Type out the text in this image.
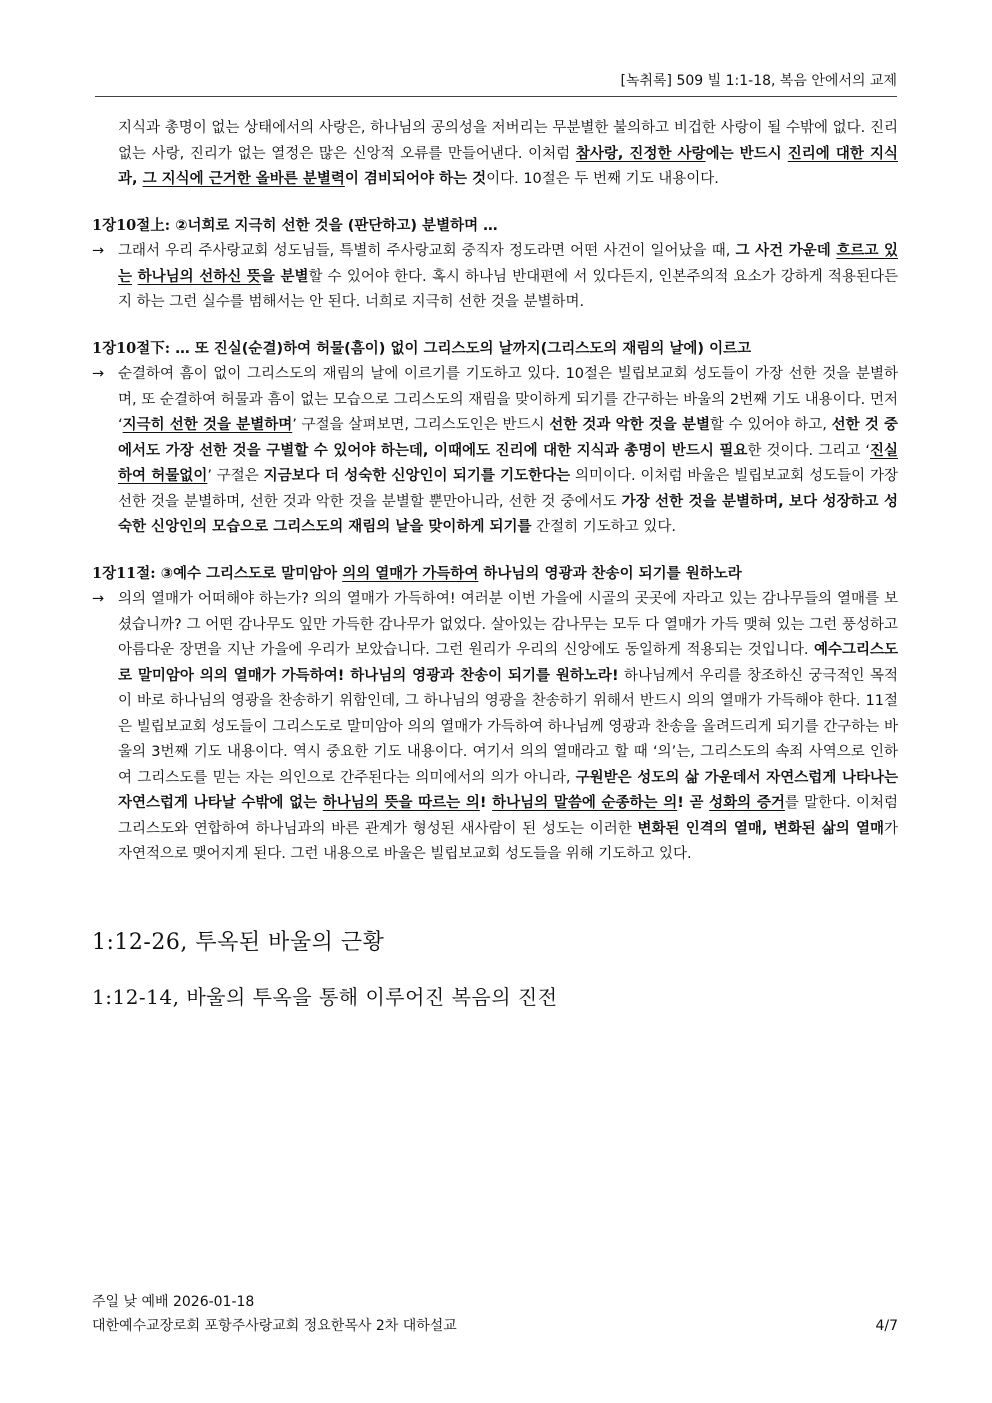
[녹취록] 509 빌 1:1-18, 복음 안에서의 교제
지식과 총명이 없는 상태에서의 사랑은, 하나님의 공의성을 저버리는 무분별한 불의하고 비겁한 사랑이 될 수밖에 없다. 진리 없는 사랑, 진리가 없는 열정은 많은 신앙적 오류를 만들어낸다. 이처럼 참사랑, 진정한 사랑에는 반드시 진리에 대한 지식과, 그 지식에 근거한 올바른 분별력이 겸비되어야 하는 것이다. 10절은 두 번째 기도 내용이다.
1장10절上: ②너희로 지극히 선한 것을 (판단하고) 분별하며 …
→ 그래서 우리 주사랑교회 성도님들, 특별히 주사랑교회 중직자 정도라면 어떤 사건이 일어났을 때, 그 사건 가운데 흐르고 있는 하나님의 선하신 뜻을 분별할 수 있어야 한다. 혹시 하나님 반대편에 서 있다든지, 인본주의적 요소가 강하게 적용된다든지 하는 그런 실수를 범해서는 안 된다. 너희로 지극히 선한 것을 분별하며.
1장10절下: … 또 진실(순결)하여 허물(흠이) 없이 그리스도의 날까지(그리스도의 재림의 날에) 이르고
→ 순결하여 흠이 없이 그리스도의 재림의 날에 이르기를 기도하고 있다. 10절은 빌립보교회 성도들이 가장 선한 것을 분별하며, 또 순결하여 허물과 흠이 없는 모습으로 그리스도의 재림을 맞이하게 되기를 간구하는 바울의 2번째 기도 내용이다. 먼저 ‘지극히 선한 것을 분별하며’ 구절을 살펴보면, 그리스도인은 반드시 선한 것과 악한 것을 분별할 수 있어야 하고, 선한 것 중에서도 가장 선한 것을 구별할 수 있어야 하는데, 이때에도 진리에 대한 지식과 총명이 반드시 필요한 것이다. 그리고 ‘진실하여 허물없이’ 구절은 지금보다 더 성숙한 신앙인이 되기를 기도한다는 의미이다. 이처럼 바울은 빌립보교회 성도들이 가장 선한 것을 분별하며, 선한 것과 악한 것을 분별할 뿐만아니라, 선한 것 중에서도 가장 선한 것을 분별하며, 보다 성장하고 성숙한 신앙인의 모습으로 그리스도의 재림의 날을 맞이하게 되기를 간절히 기도하고 있다.
1장11절: ③예수 그리스도로 말미암아 의의 열매가 가득하여 하나님의 영광과 찬송이 되기를 원하노라
→ 의의 열매가 어떠해야 하는가? 의의 열매가 가득하여! 여러분 이번 가을에 시골의 곳곳에 자라고 있는 감나무들의 열매를 보셨습니까? 그 어떤 감나무도 잎만 가득한 감나무가 없었다. 살아있는 감나무는 모두 다 열매가 가득 맺혀 있는 그런 풍성하고 아름다운 장면을 지난 가을에 우리가 보았습니다. 그런 원리가 우리의 신앙에도 동일하게 적용되는 것입니다. 예수그리스도로 말미암아 의의 열매가 가득하여! 하나님의 영광과 찬송이 되기를 원하노라! 하나님께서 우리를 창조하신 궁극적인 목적이 바로 하나님의 영광을 찬송하기 위함인데, 그 하나님의 영광을 찬송하기 위해서 반드시 의의 열매가 가득해야 한다. 11절은 빌립보교회 성도들이 그리스도로 말미암아 의의 열매가 가득하여 하나님께 영광과 찬송을 올려드리게 되기를 간구하는 바울의 3번째 기도 내용이다. 역시 중요한 기도 내용이다. 여기서 의의 열매라고 할 때 ‘의’는, 그리스도의 속죄 사역으로 인하여 그리스도를 믿는 자는 의인으로 간주된다는 의미에서의 의가 아니라, 구원받은 성도의 삶 가운데서 자연스럽게 나타나는 자연스럽게 나타날 수밖에 없는 하나님의 뜻을 따르는 의! 하나님의 말씀에 순종하는 의! 곧 성화의 증거를 말한다. 이처럼 그리스도와 연합하여 하나님과의 바른 관계가 형성된 새사람이 된 성도는 이러한 변화된 인격의 열매, 변화된 삶의 열매가 자연적으로 맺어지게 된다. 그런 내용으로 바울은 빌립보교회 성도들을 위해 기도하고 있다.
1:12-26, 투옥된 바울의 근황
1:12-14, 바울의 투옥을 통해 이루어진 복음의 진전
주일 낮 예배 2026-01-18
대한예수교장로회 포항주사랑교회 정요한목사 2차 대하설교	4/7
